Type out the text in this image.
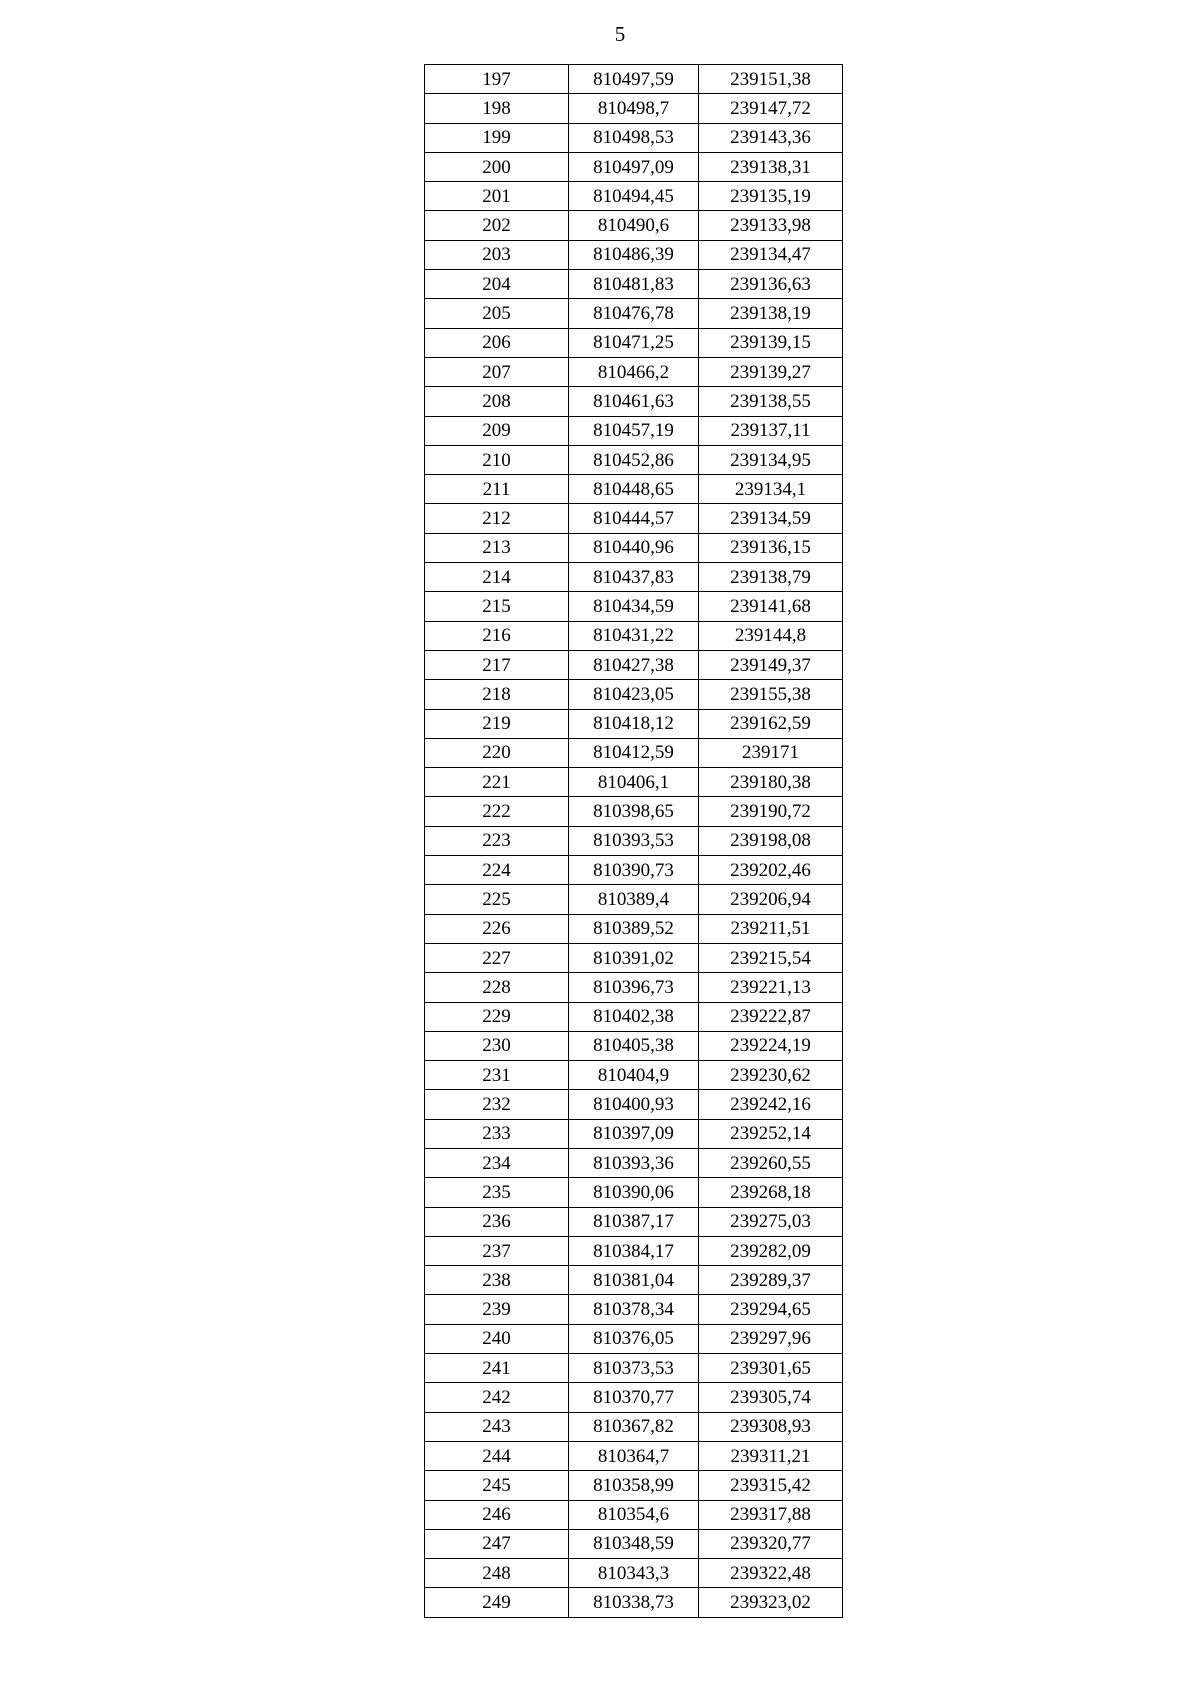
5
197	810497,59	239151,38
198	810498,7	239147,72
199	810498,53	239143,36
200	810497,09	239138,31
201	810494,45	239135,19
202	810490,6	239133,98
203	810486,39	239134,47
204	810481,83	239136,63
205	810476,78	239138,19
206	810471,25	239139,15
207	810466,2	239139,27
208	810461,63	239138,55
209	810457,19	239137,11
210	810452,86	239134,95
211	810448,65	239134,1
212	810444,57	239134,59
213	810440,96	239136,15
214	810437,83	239138,79
215	810434,59	239141,68
216	810431,22	239144,8
217	810427,38	239149,37
218	810423,05	239155,38
219	810418,12	239162,59
220	810412,59	239171
221	810406,1	239180,38
222	810398,65	239190,72
223	810393,53	239198,08
224	810390,73	239202,46
225	810389,4	239206,94
226	810389,52	239211,51
227	810391,02	239215,54
228	810396,73	239221,13
229	810402,38	239222,87
230	810405,38	239224,19
231	810404,9	239230,62
232	810400,93	239242,16
233	810397,09	239252,14
234	810393,36	239260,55
235	810390,06	239268,18
236	810387,17	239275,03
237	810384,17	239282,09
238	810381,04	239289,37
239	810378,34	239294,65
240	810376,05	239297,96
241	810373,53	239301,65
242	810370,77	239305,74
243	810367,82	239308,93
244	810364,7	239311,21
245	810358,99	239315,42
246	810354,6	239317,88
247	810348,59	239320,77
248	810343,3	239322,48
249	810338,73	239323,02
